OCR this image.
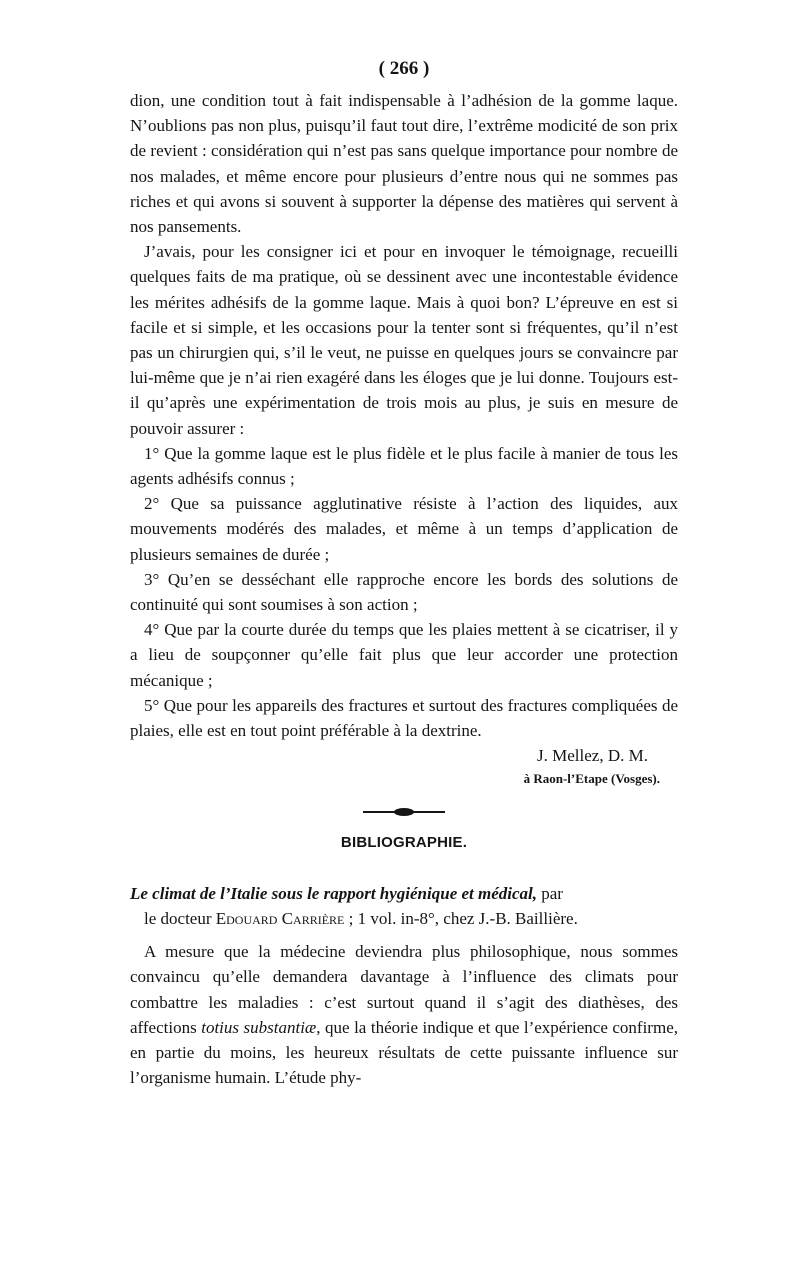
( 266 )

dion, une condition tout à fait indispensable à l’adhésion de la gomme laque. N’oublions pas non plus, puisqu’il faut tout dire, l’extrême modicité de son prix de revient : considération qui n’est pas sans quelque importance pour nombre de nos malades, et même encore pour plusieurs d’entre nous qui ne sommes pas riches et qui avons si souvent à supporter la dépense des matières qui servent à nos pansements.

J’avais, pour les consigner ici et pour en invoquer le témoignage, recueilli quelques faits de ma pratique, où se dessinent avec une incontestable évidence les mérites adhésifs de la gomme laque. Mais à quoi bon? L’épreuve en est si facile et si simple, et les occasions pour la tenter sont si fréquentes, qu’il n’est pas un chirurgien qui, s’il le veut, ne puisse en quelques jours se convaincre par lui-même que je n’ai rien exagéré dans les éloges que je lui donne. Toujours est-il qu’après une expérimentation de trois mois au plus, je suis en mesure de pouvoir assurer :

1° Que la gomme laque est le plus fidèle et le plus facile à manier de tous les agents adhésifs connus ;

2° Que sa puissance agglutinative résiste à l’action des liquides, aux mouvements modérés des malades, et même à un temps d’application de plusieurs semaines de durée ;

3° Qu’en se desséchant elle rapproche encore les bords des solutions de continuité qui sont soumises à son action ;

4° Que par la courte durée du temps que les plaies mettent à se cicatriser, il y a lieu de soupçonner qu’elle fait plus que leur accorder une protection mécanique ;

5° Que pour les appareils des fractures et surtout des fractures compliquées de plaies, elle est en tout point préférable à la dextrine.

J. Mellez, D. M.
à Raon-l’Etape (Vosges).
BIBLIOGRAPHIE.
Le climat de l’Italie sous le rapport hygiénique et médical, par
le docteur Edouard Carrière ; 1 vol. in-8°, chez J.-B. Baillière.

A mesure que la médecine deviendra plus philosophique, nous sommes convaincu qu’elle demandera davantage à l’influence des climats pour combattre les maladies : c’est surtout quand il s’agit des diathèses, des affections totius substantiæ, que la théorie indique et que l’expérience confirme, en partie du moins, les heureux résultats de cette puissante influence sur l’organisme humain. L’étude phy-
